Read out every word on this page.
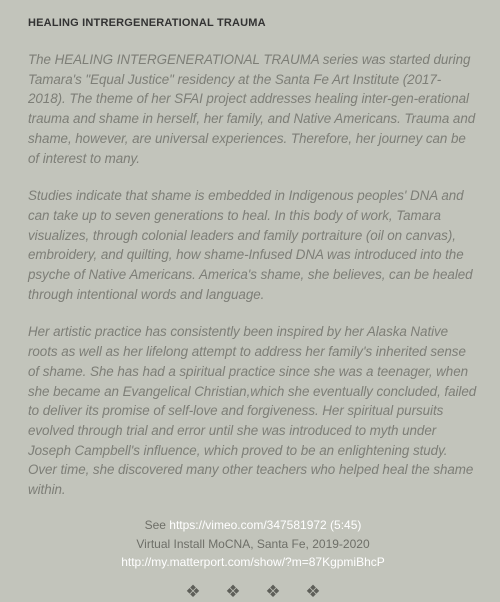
HEALING INTRERGENERATIONAL TRAUMA

The HEALING INTERGENERATIONAL TRAUMA series was started during Tamara's "Equal Justice" residency at the Santa Fe Art Institute (2017-2018). The theme of her SFAI project addresses healing inter-gen-erational trauma and shame in herself, her family, and Native Americans. Trauma and shame, however, are universal experiences. Therefore, her journey can be of interest to many.

Studies indicate that shame is embedded in Indigenous peoples' DNA and can take up to seven generations to heal. In this body of work, Tamara visualizes, through colonial leaders and family portraiture (oil on canvas), embroidery, and quilting, how shame-Infused DNA was introduced into the psyche of Native Americans. America's shame, she believes, can be healed through intentional words and language.

Her artistic practice has consistently been inspired by her Alaska Native roots as well as her lifelong attempt to address her family's inherited sense of shame. She has had a spiritual practice since she was a teenager, when she became an Evangelical Christian,which she eventually concluded, failed to deliver its promise of self-love and forgiveness. Her spiritual pursuits evolved through trial and error until she was introduced to myth under Joseph Campbell's influence, which proved to be an enlightening study. Over time, she discovered many other teachers who helped heal the shame within.

See https://vimeo.com/347581972 (5:45)
Virtual Install MoCNA, Santa Fe, 2019-2020
http://my.matterport.com/show/?m=87KgpmiBhcP
❖ ❖ ❖ ❖
